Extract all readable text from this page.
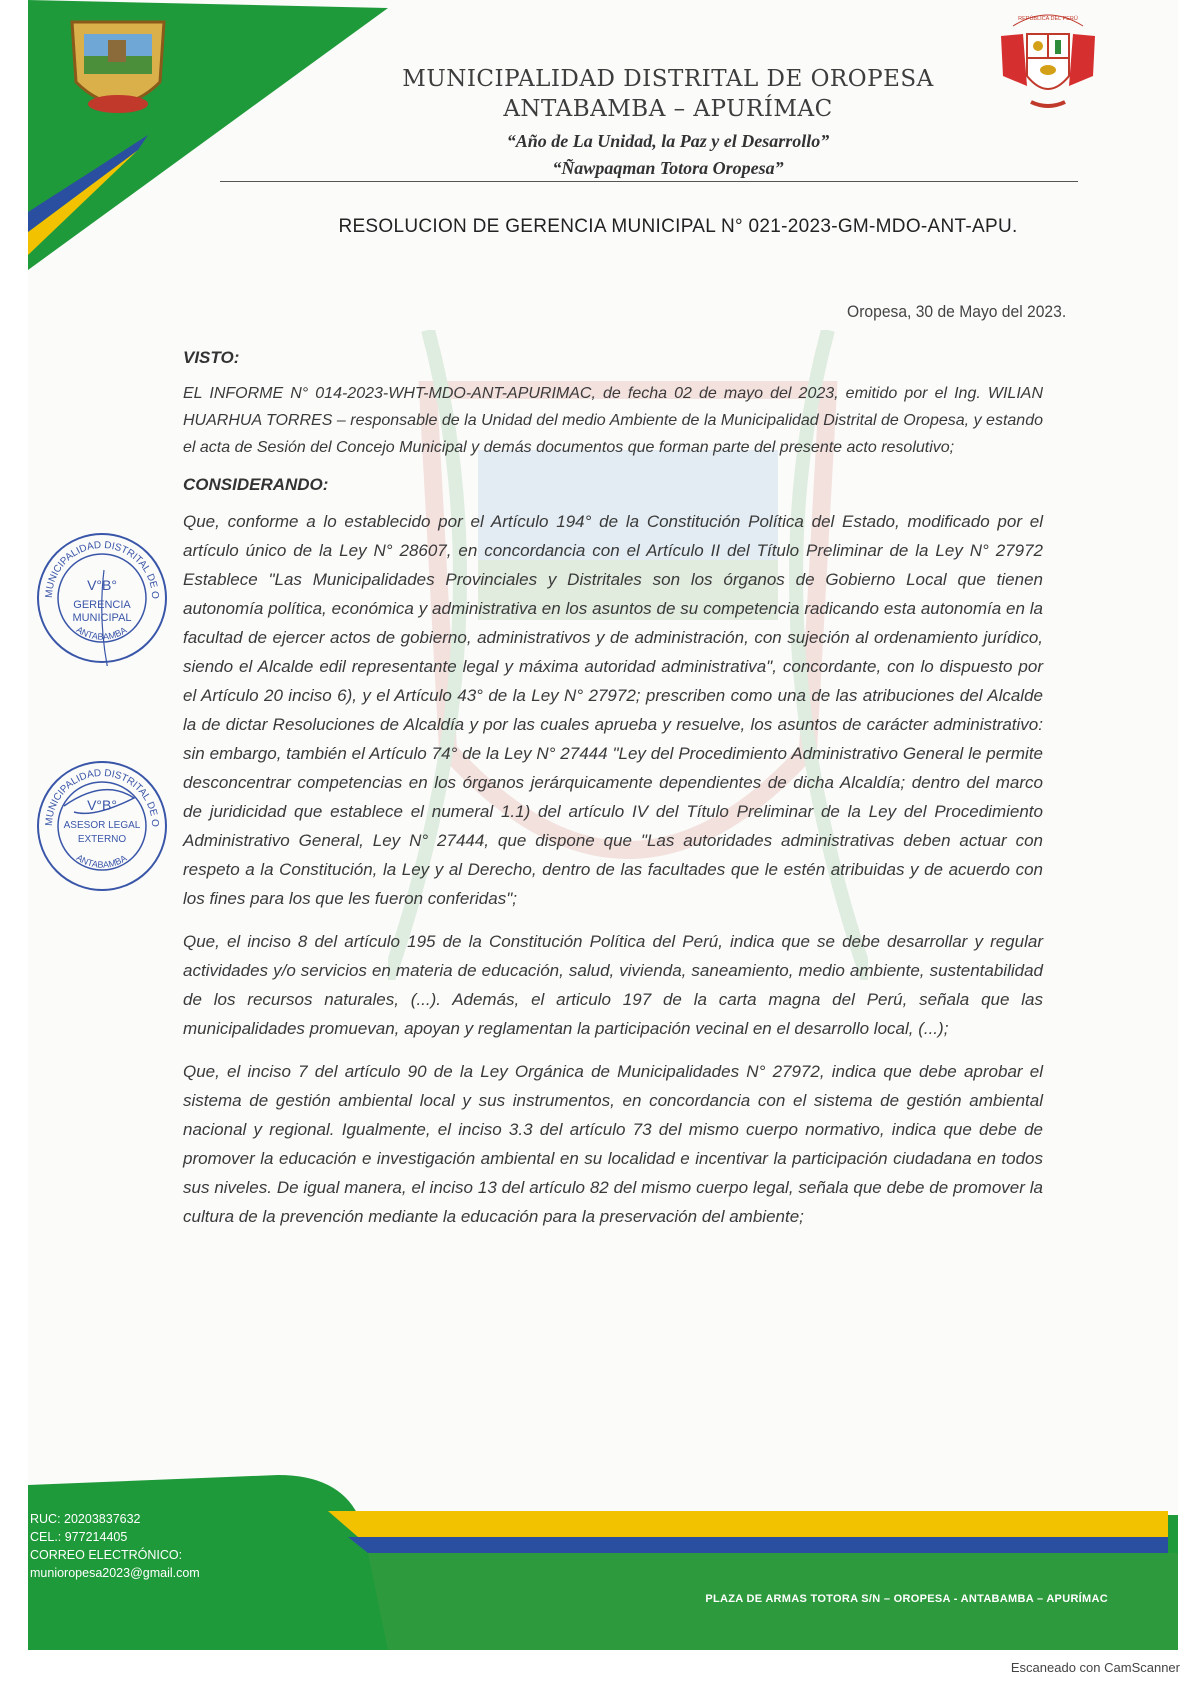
REPÚBLICA DEL PERÚ
MUNICIPALIDAD DISTRITAL DE OROPESA
ANTABAMBA – APURÍMAC
“Año de La Unidad, la Paz y el Desarrollo”
“Ñawpaqman Totora Oropesa”
RESOLUCION DE GERENCIA MUNICIPAL N° 021-2023-GM-MDO-ANT-APU.
Oropesa, 30 de Mayo del 2023.
VISTO:

EL INFORME N° 014-2023-WHT-MDO-ANT-APURIMAC, de fecha 02 de mayo del 2023, emitido por el Ing. WILIAN HUARHUA TORRES – responsable de la Unidad del medio Ambiente de la Municipalidad Distrital de Oropesa, y estando el acta de Sesión del Concejo Municipal y demás documentos que forman parte del presente acto resolutivo;

CONSIDERANDO:

Que, conforme a lo establecido por el Artículo 194° de la Constitución Política del Estado, modificado por el artículo único de la Ley N° 28607, en concordancia con el Artículo II del Título Preliminar de la Ley N° 27972 Establece "Las Municipalidades Provinciales y Distritales son los órganos de Gobierno Local que tienen autonomía política, económica y administrativa en los asuntos de su competencia radicando esta autonomía en la facultad de ejercer actos de gobierno, administrativos y de administración, con sujeción al ordenamiento jurídico, siendo el Alcalde edil representante legal y máxima autoridad administrativa", concordante, con lo dispuesto por el Artículo 20 inciso 6), y el Artículo 43° de la Ley N° 27972; prescriben como una de las atribuciones del Alcalde la de dictar Resoluciones de Alcaldía y por las cuales aprueba y resuelve, los asuntos de carácter administrativo: sin embargo, también el Artículo 74° de la Ley N° 27444 "Ley del Procedimiento Administrativo General le permite desconcentrar competencias en los órganos jerárquicamente dependientes de dicha Alcaldía; dentro del marco de juridicidad que establece el numeral 1.1) del artículo IV del Título Preliminar de la Ley del Procedimiento Administrativo General, Ley N° 27444, que dispone que "Las autoridades administrativas deben actuar con respeto a la Constitución, la Ley y al Derecho, dentro de las facultades que le estén atribuidas y de acuerdo con los fines para los que les fueron conferidas";

Que, el inciso 8 del artículo 195 de la Constitución Política del Perú, indica que se debe desarrollar y regular actividades y/o servicios en materia de educación, salud, vivienda, saneamiento, medio ambiente, sustentabilidad de los recursos naturales, (...). Además, el articulo 197 de la carta magna del Perú, señala que las municipalidades promuevan, apoyan y reglamentan la participación vecinal en el desarrollo local, (...);

Que, el inciso 7 del artículo 90 de la Ley Orgánica de Municipalidades N° 27972, indica que debe aprobar el sistema de gestión ambiental local y sus instrumentos, en concordancia con el sistema de gestión ambiental nacional y regional. Igualmente, el inciso 3.3 del artículo 73 del mismo cuerpo normativo, indica que debe de promover la educación e investigación ambiental en su localidad e incentivar la participación ciudadana en todos sus niveles. De igual manera, el inciso 13 del artículo 82 del mismo cuerpo legal, señala que debe de promover la cultura de la prevención mediante la educación para la preservación del ambiente;

MUNICIPALIDAD DISTRITAL DE O
ANTABAMBA
V°B°
GERENCIA
MUNICIPAL
MUNICIPALIDAD DISTRITAL DE O
ANTABAMBA
V°B°
ASESOR LEGAL
EXTERNO
RUC: 20203837632
CEL.: 977214405
CORREO ELECTRÓNICO:
munioropesa2023@gmail.com
PLAZA DE ARMAS TOTORA S/N – OROPESA - ANTABAMBA – APURÍMAC
Escaneado con CamScanner
